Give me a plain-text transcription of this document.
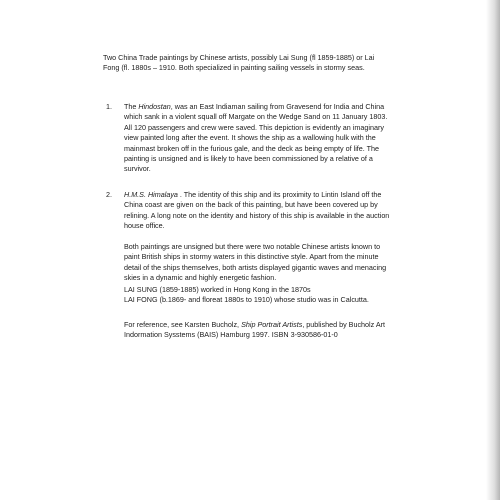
Two China Trade paintings by Chinese artists, possibly Lai Sung (fl 1859-1885) or Lai Fong (fl. 1880s – 1910. Both specialized in painting sailing vessels in stormy seas.

1. The Hindostan, was an East Indiaman sailing from Gravesend for India and China which sank in a violent squall off Margate on the Wedge Sand on 11 January 1803. All 120 passengers and crew were saved. This depiction is evidently an imaginary view painted long after the event. It shows the ship as a wallowing hulk with the mainmast broken off in the furious gale, and the deck as being empty of life. The painting is unsigned and is likely to have been commissioned by a relative of a survivor.
2. H.M.S. Himalaya . The identity of this ship and its proximity to Lintin Island off the China coast are given on the back of this painting, but have been covered up by relining. A long note on the identity and history of this ship is available in the auction house office.

Both paintings are unsigned but there were two notable Chinese artists known to paint British ships in stormy waters in this distinctive style. Apart from the minute detail of the ships themselves, both artists displayed gigantic waves and menacing skies in a dynamic and highly energetic fashion.

LAI SUNG (1859-1885) worked in Hong Kong in the 1870s

LAI FONG (b.1869- and floreat 1880s to 1910) whose studio was in Calcutta.

For reference, see Karsten Bucholz, Ship Portrait Artists, published by Bucholz Art Indormation Sysstems (BAIS) Hamburg 1997. ISBN 3-930586-01-0
